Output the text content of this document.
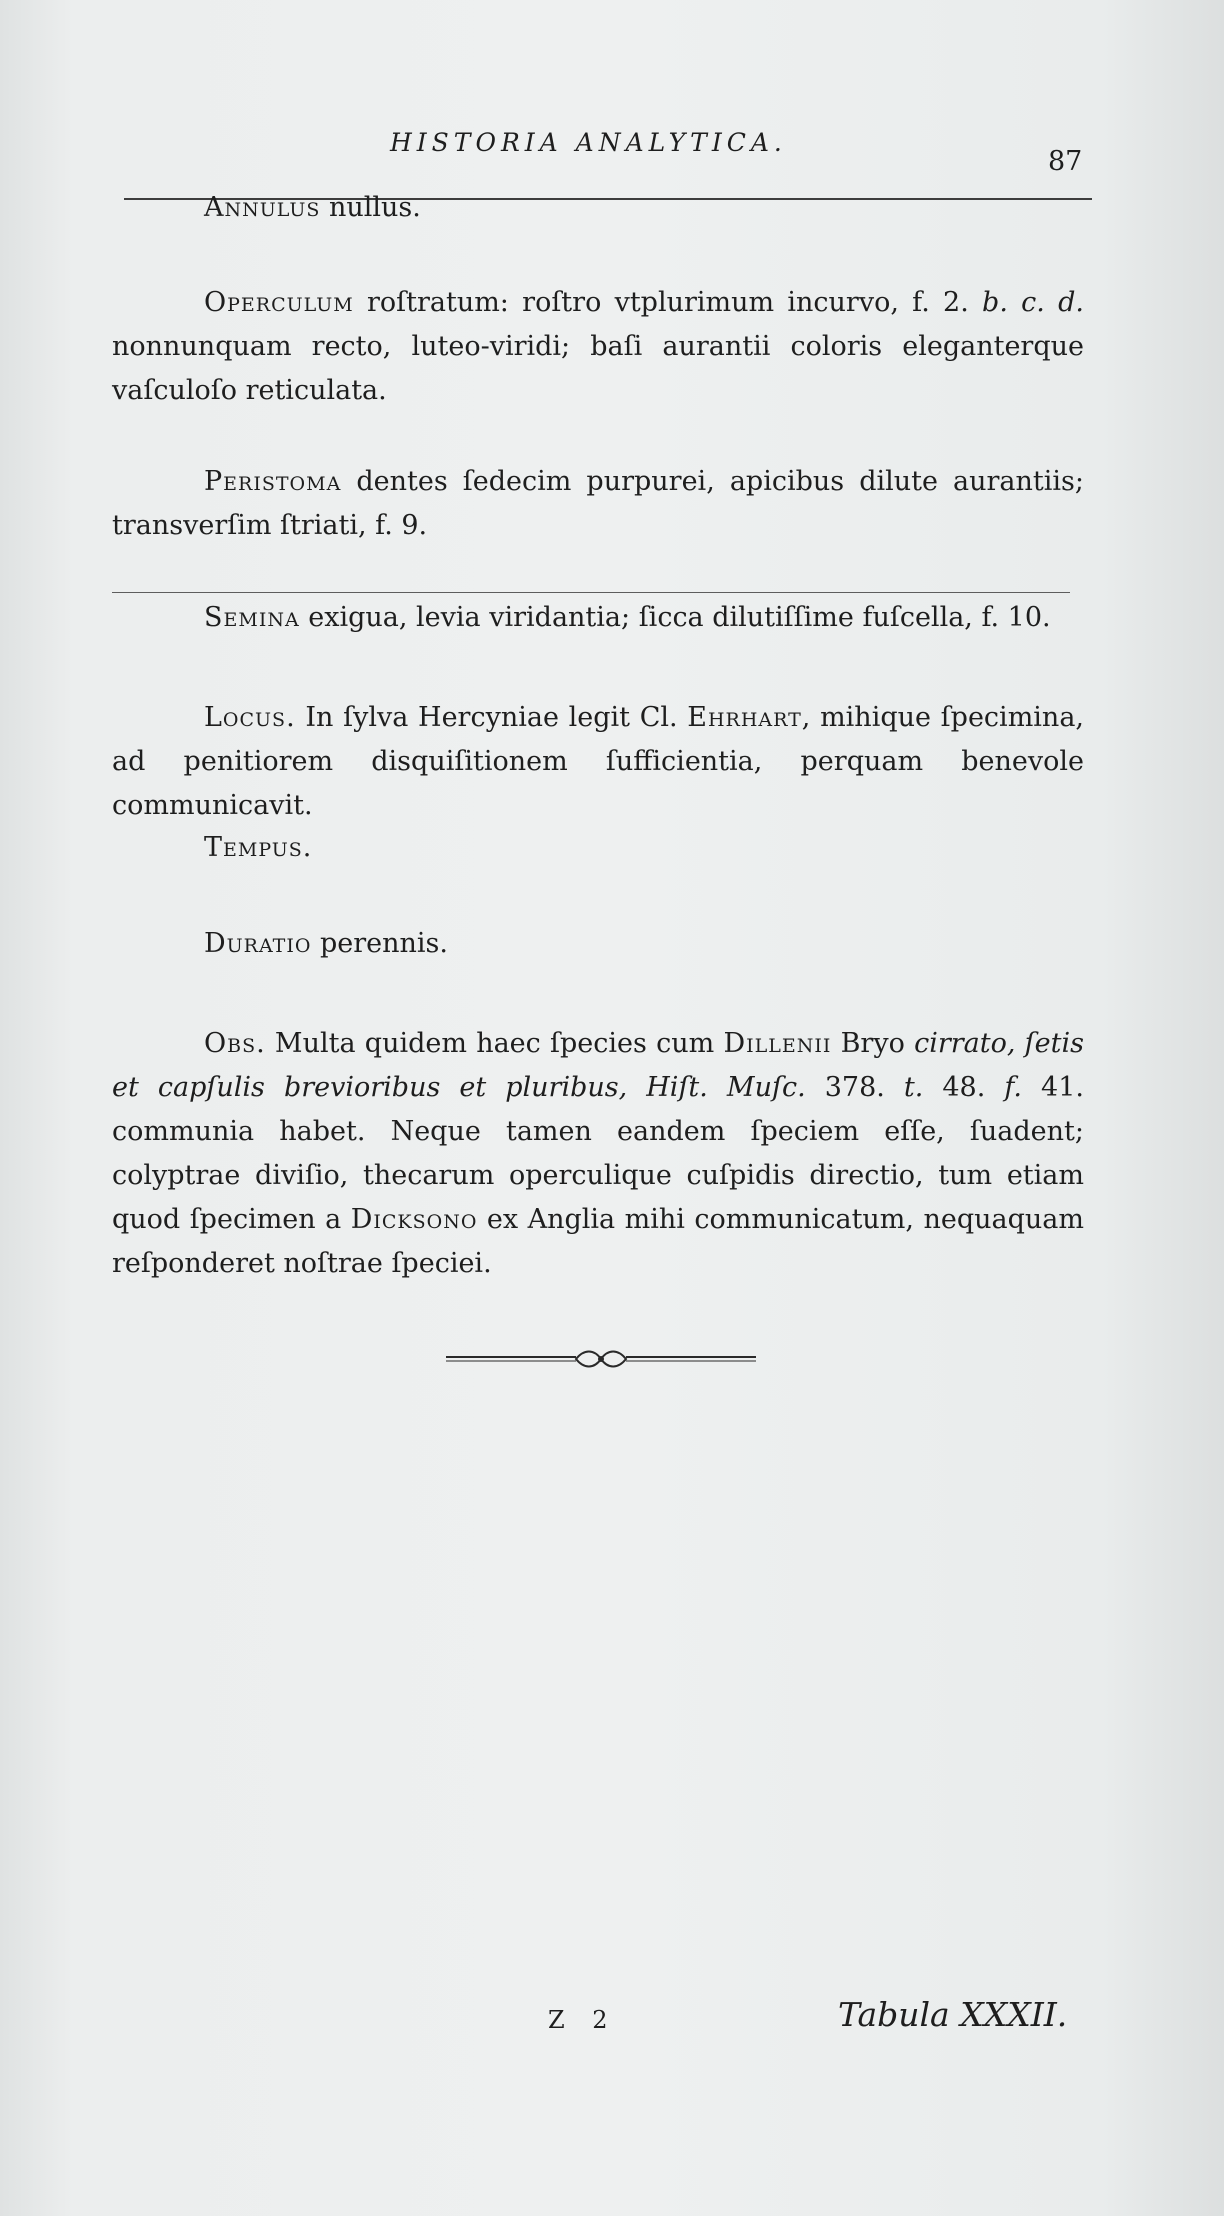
HISTORIA ANALYTICA.
87

Annulus nullus.

Operculum roſtratum: roſtro vtplurimum incurvo, f. 2. b. c. d. nonnunquam recto, luteo-viridi; baſi aurantii coloris eleganterque vaſculoſo reticulata.

Peristoma dentes ſedecim purpurei, apicibus dilute aurantiis; transverſim ſtriati, f. 9.

Semina exigua, levia viridantia; ſicca dilutiſſime fuſcella, f. 10.

Locus. In ſylva Hercyniae legit Cl. Ehrhart, mihique ſpecimina, ad penitiorem disquiſitionem ſufficientia, perquam benevole communicavit.

Tempus.

Duratio perennis.

Obs. Multa quidem haec ſpecies cum Dillenii Bryo cirrato, ſetis et capſulis brevioribus et pluribus, Hiſt. Muſc. 378. t. 48. f. 41. communia habet. Neque tamen eandem ſpeciem eſſe, ſuadent; colyptrae diviſio, thecarum operculique cuſpidis directio, tum etiam quod ſpecimen a Dicksono ex Anglia mihi communicatum, nequaquam reſponderet noſtrae ſpeciei.

Z 2	Tabula XXXII.
